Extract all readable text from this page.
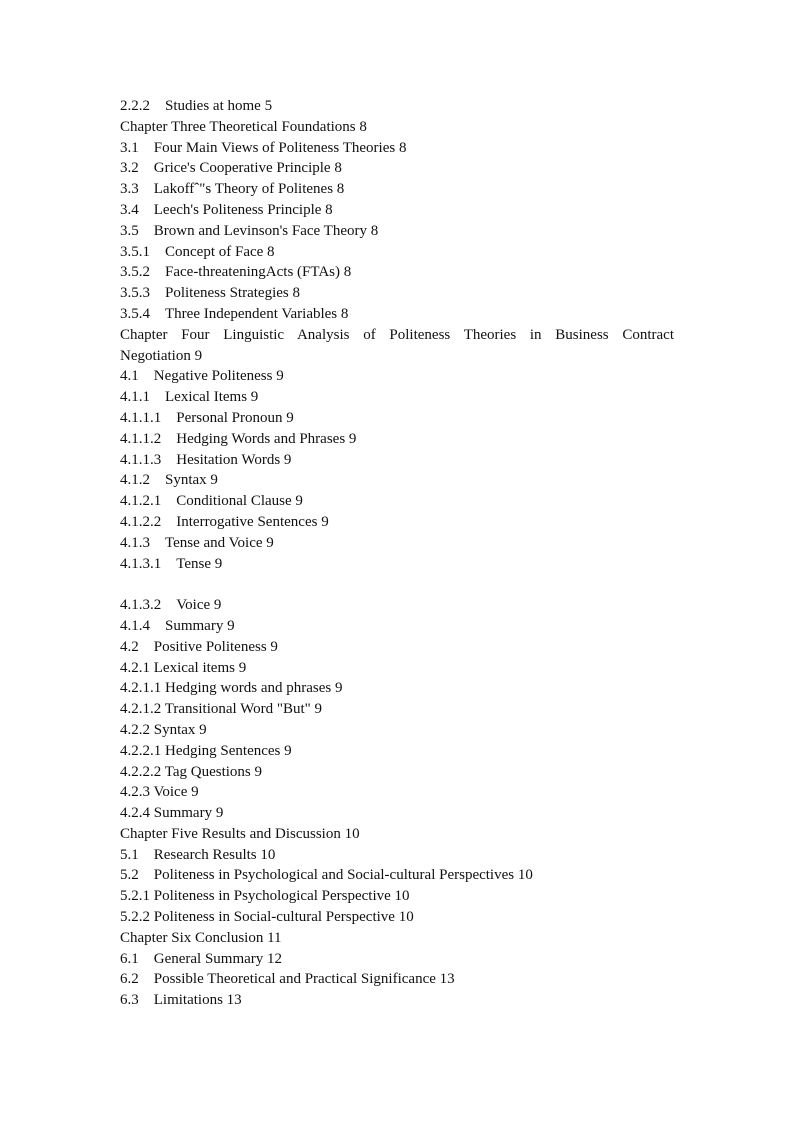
2.2.2 Studies at home 5
Chapter Three Theoretical Foundations 8
3.1 Four Main Views of Politeness Theories 8
3.2 Grice's Cooperative Principle 8
3.3 Lakoffˆ"s Theory of Politenes 8
3.4 Leech's Politeness Principle 8
3.5 Brown and Levinson's Face Theory 8
3.5.1 Concept of Face 8
3.5.2 Face-threateningActs (FTAs) 8
3.5.3 Politeness Strategies 8
3.5.4 Three Independent Variables 8
Chapter Four Linguistic Analysis of Politeness Theories in Business Contract
Negotiation 9
4.1 Negative Politeness 9
4.1.1 Lexical Items 9
4.1.1.1 Personal Pronoun 9
4.1.1.2 Hedging Words and Phrases 9
4.1.1.3 Hesitation Words 9
4.1.2 Syntax 9
4.1.2.1 Conditional Clause 9
4.1.2.2 Interrogative Sentences 9
4.1.3 Tense and Voice 9
4.1.3.1 Tense 9
4.1.3.2 Voice 9
4.1.4 Summary 9
4.2 Positive Politeness 9
4.2.1 Lexical items 9
4.2.1.1 Hedging words and phrases 9
4.2.1.2 Transitional Word "But" 9
4.2.2 Syntax 9
4.2.2.1 Hedging Sentences 9
4.2.2.2 Tag Questions 9
4.2.3 Voice 9
4.2.4 Summary 9
Chapter Five Results and Discussion 10
5.1 Research Results 10
5.2 Politeness in Psychological and Social-cultural Perspectives 10
5.2.1 Politeness in Psychological Perspective 10
5.2.2 Politeness in Social-cultural Perspective 10
Chapter Six Conclusion 11
6.1 General Summary 12
6.2 Possible Theoretical and Practical Significance 13
6.3 Limitations 13
